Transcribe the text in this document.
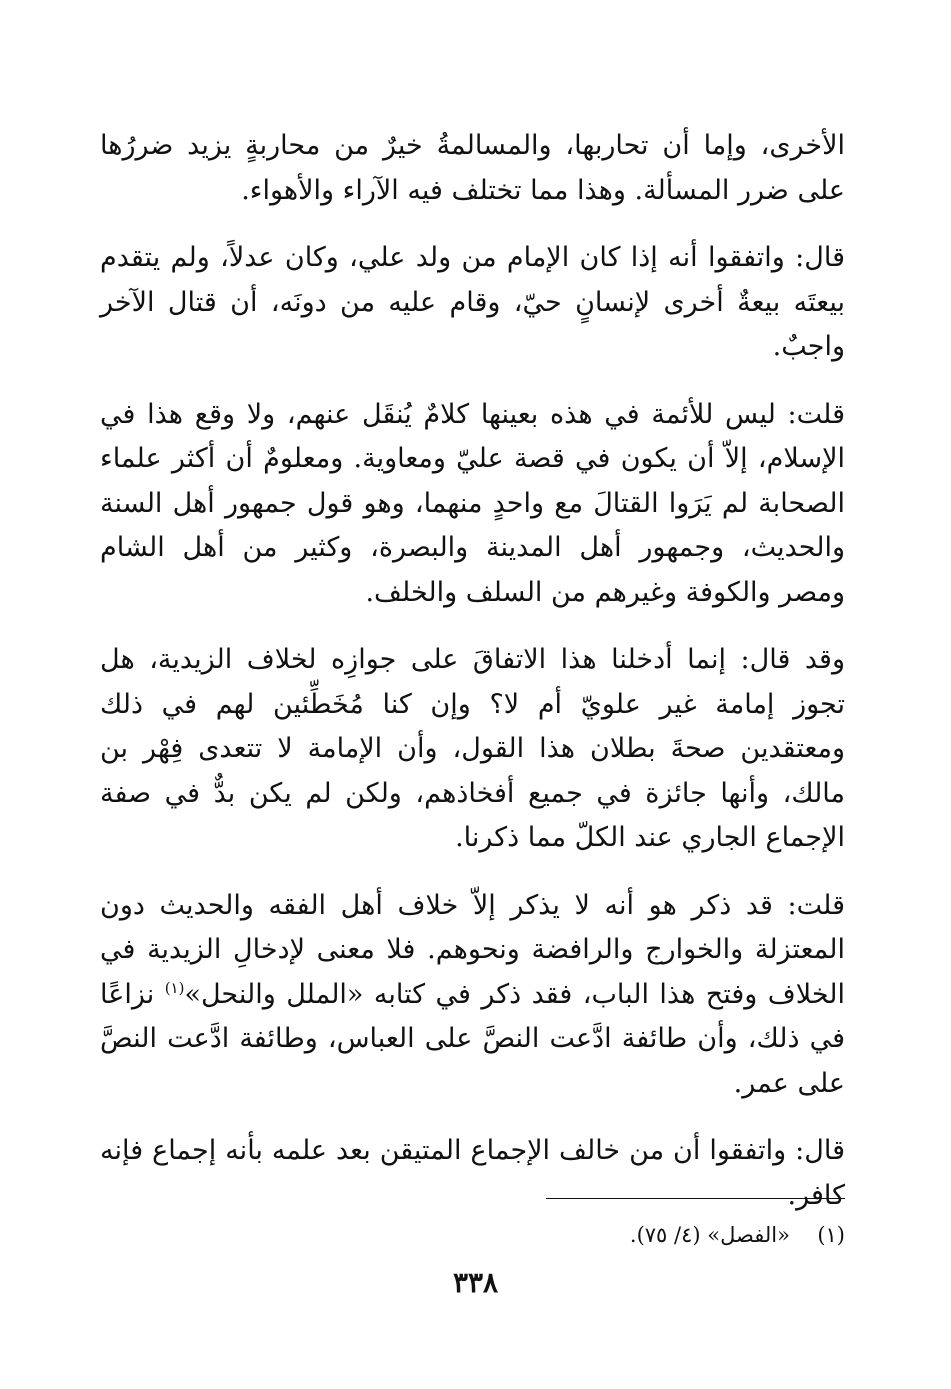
الأخرى، وإما أن تحاربها، والمسالمةُ خيرٌ من محاربةٍ يزيد ضررُها على ضرر المسألة. وهذا مما تختلف فيه الآراء والأهواء.

قال: واتفقوا أنه إذا كان الإمام من ولد علي، وكان عدلاً، ولم يتقدم بيعتَه بيعةٌ أخرى لإنسانٍ حيّ، وقام عليه من دونَه، أن قتال الآخر واجبٌ.

قلت: ليس للأئمة في هذه بعينها كلامٌ يُنقَل عنهم، ولا وقع هذا في الإسلام، إلاّ أن يكون في قصة عليّ ومعاوية. ومعلومٌ أن أكثر علماء الصحابة لم يَرَوا القتالَ مع واحدٍ منهما، وهو قول جمهور أهل السنة والحديث، وجمهور أهل المدينة والبصرة، وكثير من أهل الشام ومصر والكوفة وغيرهم من السلف والخلف.

وقد قال: إنما أدخلنا هذا الاتفاقَ على جوازِه لخلاف الزيدية، هل تجوز إمامة غير علويّ أم لا؟ وإن كنا مُخَطِّئين لهم في ذلك ومعتقدين صحةَ بطلان هذا القول، وأن الإمامة لا تتعدى فِهْر بن مالك، وأنها جائزة في جميع أفخاذهم، ولكن لم يكن بدٌّ في صفة الإجماع الجاري عند الكلّ مما ذكرنا.

قلت: قد ذكر هو أنه لا يذكر إلاّ خلاف أهل الفقه والحديث دون المعتزلة والخوارج والرافضة ونحوهم. فلا معنى لإدخالِ الزيدية في الخلاف وفتح هذا الباب، فقد ذكر في كتابه «الملل والنحل»$^{(١)}$ نزاعًا في ذلك، وأن طائفة ادَّعت النصَّ على العباس، وطائفة ادَّعت النصَّ على عمر.

قال: واتفقوا أن من خالف الإجماع المتيقن بعد علمه بأنه إجماع فإنه كافر.

(١)  «الفصل» (٤/ ٧٥).
٣٣٨
